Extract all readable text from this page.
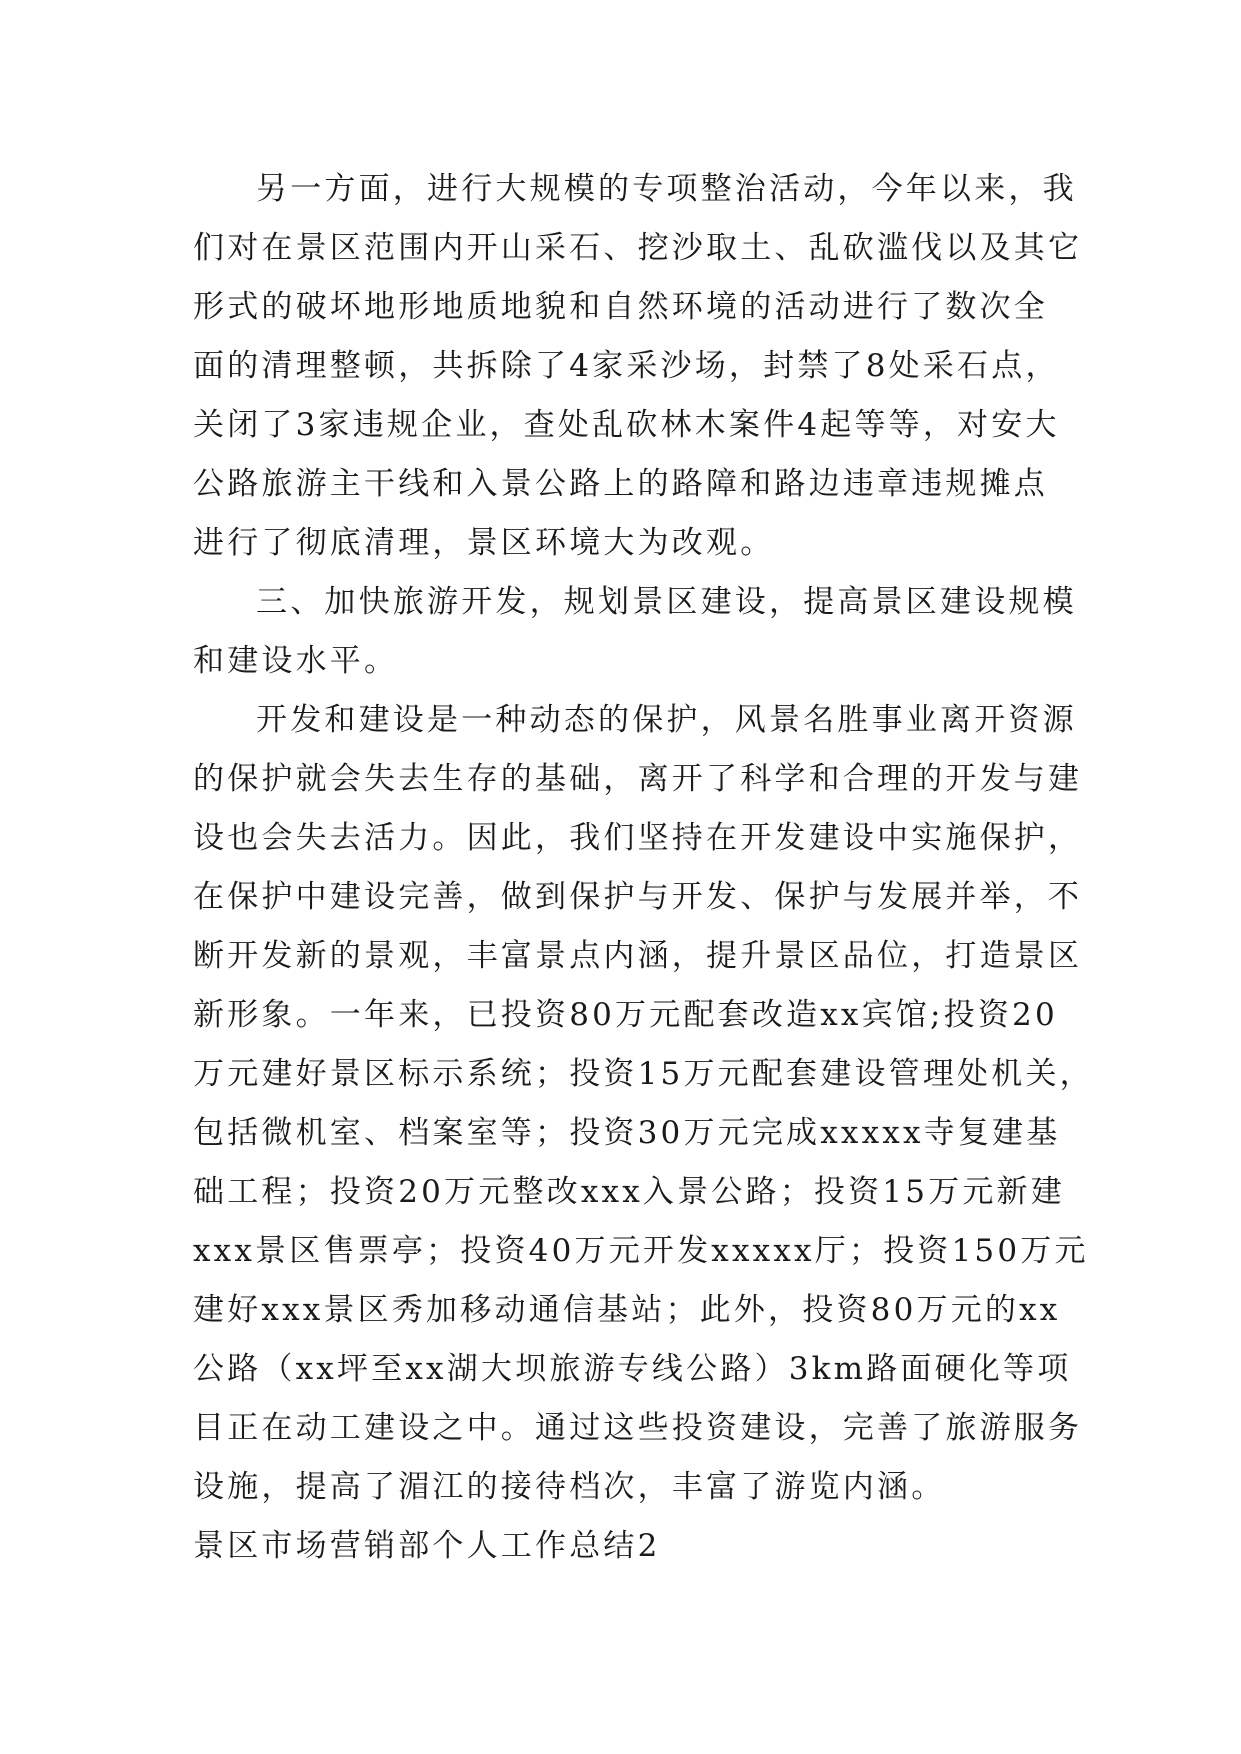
另一方面，进行大规模的专项整治活动，今年以来，我
们对在景区范围内开山采石、挖沙取土、乱砍滥伐以及其它
形式的破坏地形地质地貌和自然环境的活动进行了数次全
面的清理整顿，共拆除了4家采沙场，封禁了8处采石点，
关闭了3家违规企业，查处乱砍林木案件4起等等，对安大
公路旅游主干线和入景公路上的路障和路边违章违规摊点
进行了彻底清理，景区环境大为改观。
三、加快旅游开发，规划景区建设，提高景区建设规模
和建设水平。
开发和建设是一种动态的保护，风景名胜事业离开资源
的保护就会失去生存的基础，离开了科学和合理的开发与建
设也会失去活力。因此，我们坚持在开发建设中实施保护，
在保护中建设完善，做到保护与开发、保护与发展并举，不
断开发新的景观，丰富景点内涵，提升景区品位，打造景区
新形象。一年来，已投资80万元配套改造xx宾馆;投资20
万元建好景区标示系统；投资15万元配套建设管理处机关，
包括微机室、档案室等；投资30万元完成xxxxx寺复建基
础工程；投资20万元整改xxx入景公路；投资15万元新建
xxx景区售票亭；投资40万元开发xxxxx厅；投资150万元
建好xxx景区秀加移动通信基站；此外，投资80万元的xx
公路（xx坪至xx湖大坝旅游专线公路）3km路面硬化等项
目正在动工建设之中。通过这些投资建设，完善了旅游服务
设施，提高了湄江的接待档次，丰富了游览内涵。
景区市场营销部个人工作总结2
